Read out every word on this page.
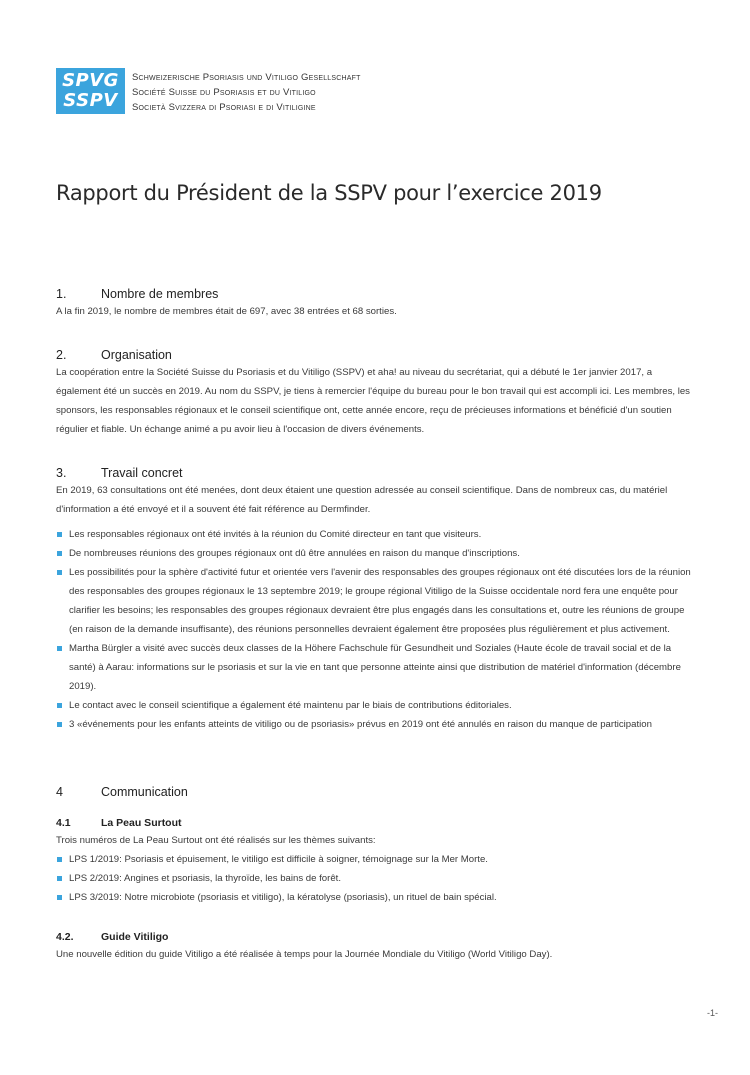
SPVG
SSPV
Schweizerische Psoriasis und Vitiligo Gesellschaft
Société Suisse du Psoriasis et du Vitiligo
Società Svizzera di Psoriasi e di Vitiligine
Rapport du Président de la SSPV pour l’exercice 2019
1.	Nombre de membres

A la fin 2019, le nombre de membres était de 697, avec 38 entrées et 68 sorties.

2.	Organisation

La coopération entre la Société Suisse du Psoriasis et du Vitiligo (SSPV) et aha! au niveau du secrétariat, qui a débuté le 1er janvier 2017, a également été un succès en 2019. Au nom du SSPV, je tiens à remercier l'équipe du bureau pour le bon travail qui est accompli ici. Les membres, les sponsors, les responsables régionaux et le conseil scientifique ont, cette année encore, reçu de précieuses informations et bénéficié d'un soutien régulier et fiable. Un échange animé a pu avoir lieu à l'occasion de divers événements.

3.	Travail concret

En 2019, 63 consultations ont été menées, dont deux étaient une question adressée au conseil scientifique. Dans de nombreux cas, du matériel d'information a été envoyé et il a souvent été fait référence au Dermfinder.

Les responsables régionaux ont été invités à la réunion du Comité directeur en tant que visiteurs.
De nombreuses réunions des groupes régionaux ont dû être annulées en raison du manque d'inscriptions.
Les possibilités pour la sphère d'activité futur et orientée vers l'avenir des responsables des groupes régionaux ont été discutées lors de la réunion des responsables des groupes régionaux le 13 septembre 2019; le groupe régional Vitiligo de la Suisse occidentale nord fera une enquête pour clarifier les besoins; les responsables des groupes régionaux devraient être plus engagés dans les consultations et, outre les réunions de groupe (en raison de la demande insuffisante), des réunions personnelles devraient également être proposées plus régulièrement et plus activement.
Martha Bürgler a visité avec succès deux classes de la Höhere Fachschule für Gesundheit und Soziales (Haute école de travail social et de la santé) à Aarau: informations sur le psoriasis et sur la vie en tant que personne atteinte ainsi que distribution de matériel d'information (décembre 2019).
Le contact avec le conseil scientifique a également été maintenu par le biais de contributions éditoriales.
3 «événements pour les enfants atteints de vitiligo ou de psoriasis» prévus en 2019 ont été annulés en raison du manque de participation
4	Communication
4.1	La Peau Surtout

Trois numéros de La Peau Surtout ont été réalisés sur les thèmes suivants:

LPS 1/2019: Psoriasis et épuisement, le vitiligo est difficile à soigner, témoignage sur la Mer Morte.
LPS 2/2019: Angines et psoriasis, la thyroïde, les bains de forêt.
LPS 3/2019: Notre microbiote (psoriasis et vitiligo), la kératolyse (psoriasis), un rituel de bain spécial.
4.2.	Guide Vitiligo

Une nouvelle édition du guide Vitiligo a été réalisée à temps pour la Journée Mondiale du Vitiligo (World Vitiligo Day).

-1-
